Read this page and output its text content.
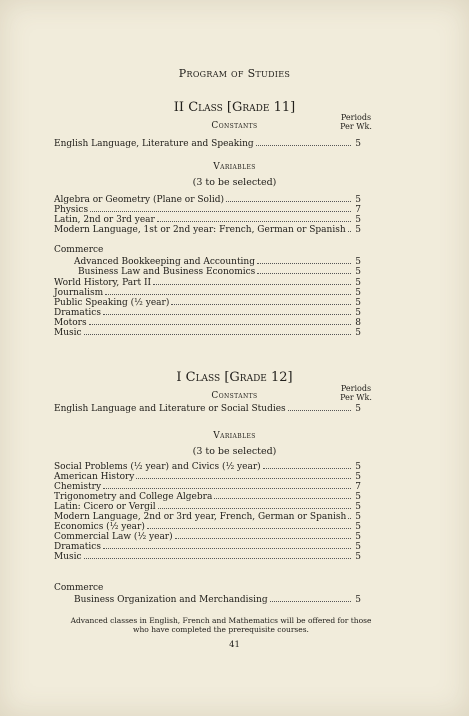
Program of Studies
II Class [Grade 11]
Periods
Per Wk.
Constants
English Language, Literature and Speaking	5
Variables
(3 to be selected)
Algebra or Geometry (Plane or Solid)	5
Physics	7
Latin, 2nd or 3rd year	5
Modern Language, 1st or 2nd year: French, German or Spanish 5
Commerce
Advanced Bookkeeping and Accounting	5
Business Law and Business Economics	5
World History, Part II	5
Journalism	5
Public Speaking (½ year)	5
Dramatics	5
Motors	8
Music	5
I Class [Grade 12]
Periods
Per Wk.
Constants
English Language and Literature or Social Studies	5
Variables
(3 to be selected)
Social Problems (½ year) and Civics (½ year)	5
American History	5
Chemistry	7
Trigonometry and College Algebra	5
Latin: Cicero or Vergil	5
Modern Language, 2nd or 3rd year, French, German or Spanish 5
Economics (½ year)	5
Commercial Law (½ year)	5
Dramatics	5
Music	5
Commerce
Business Organization and Merchandising	5
Advanced classes in English, French and Mathematics will be offered for those
who have completed the prerequisite courses.
41
